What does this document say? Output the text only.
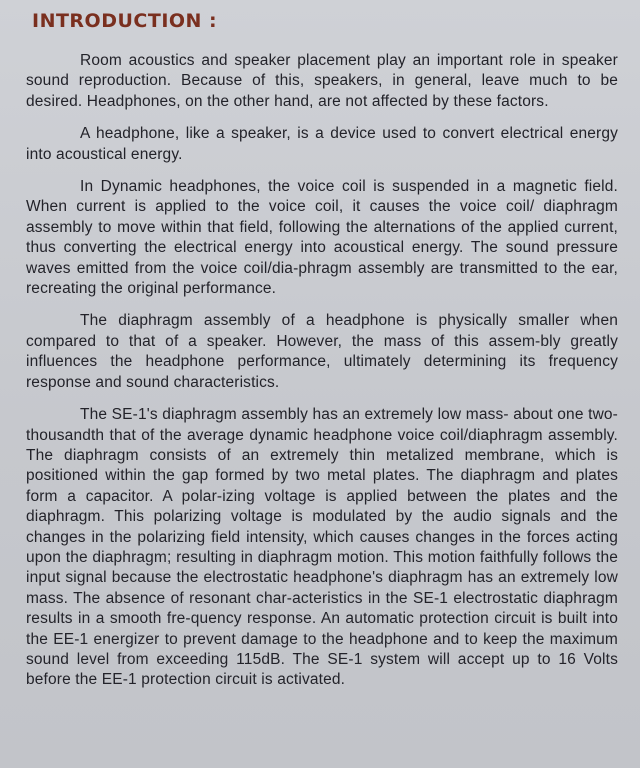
INTRODUCTION :

Room acoustics and speaker placement play an important role in speaker sound reproduction. Because of this, speakers, in general, leave much to be desired. Headphones, on the other hand, are not affected by these factors.

A headphone, like a speaker, is a device used to convert electrical energy into acoustical energy.

In Dynamic headphones, the voice coil is suspended in a magnetic field. When current is applied to the voice coil, it causes the voice coil/ diaphragm assembly to move within that field, following the alternations of the applied current, thus converting the electrical energy into acoustical energy. The sound pressure waves emitted from the voice coil/dia-phragm assembly are transmitted to the ear, recreating the original performance.

The diaphragm assembly of a headphone is physically smaller when compared to that of a speaker. However, the mass of this assem-bly greatly influences the headphone performance, ultimately determining its frequency response and sound characteristics.

The SE-1's diaphragm assembly has an extremely low mass- about one two-thousandth that of the average dynamic headphone voice coil/diaphragm assembly. The diaphragm consists of an extremely thin metalized membrane, which is positioned within the gap formed by two metal plates. The diaphragm and plates form a capacitor. A polar-izing voltage is applied between the plates and the diaphragm. This polarizing voltage is modulated by the audio signals and the changes in the polarizing field intensity, which causes changes in the forces acting upon the diaphragm; resulting in diaphragm motion. This motion faithfully follows the input signal because the electrostatic headphone's diaphragm has an extremely low mass. The absence of resonant char-acteristics in the SE-1 electrostatic diaphragm results in a smooth fre-quency response. An automatic protection circuit is built into the EE-1 energizer to prevent damage to the headphone and to keep the maximum sound level from exceeding 115dB. The SE-1 system will accept up to 16 Volts before the EE-1 protection circuit is activated.
